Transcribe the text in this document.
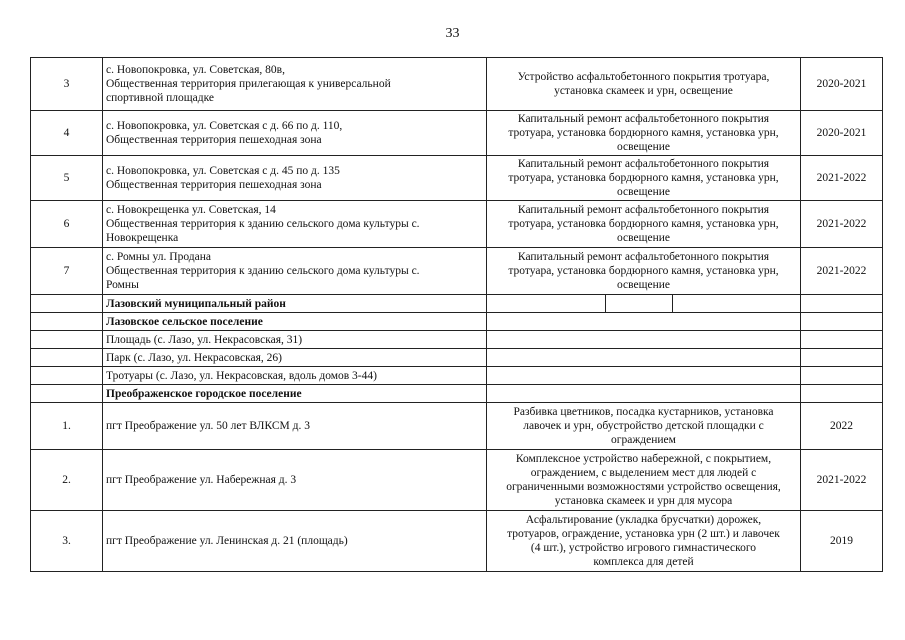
33
3	с. Новопокровка, ул. Советская, 80в,
Общественная территория прилегающая к универсальной
спортивной площадке	Устройство асфальтобетонного покрытия тротуара,
установка скамеек и урн, освещение	2020-2021
4	с. Новопокровка, ул. Советская с д. 66 по д. 110,
Общественная территория пешеходная зона	Капитальный ремонт асфальтобетонного покрытия
тротуара, установка бордюрного камня, установка урн,
освещение	2020-2021
5	с. Новопокровка, ул. Советская с д. 45 по д. 135
Общественная территория пешеходная зона	Капитальный ремонт асфальтобетонного покрытия
тротуара, установка бордюрного камня, установка урн,
освещение	2021-2022
6	с. Новокрещенка ул. Советская, 14
Общественная территория к зданию сельского дома культуры с.
Новокрещенка	Капитальный ремонт асфальтобетонного покрытия
тротуара, установка бордюрного камня, установка урн,
освещение	2021-2022
7	с. Ромны ул. Продана
Общественная территория к зданию сельского дома культуры с.
Ромны	Капитальный ремонт асфальтобетонного покрытия
тротуара, установка бордюрного камня, установка урн,
освещение	2021-2022
	Лазовский муниципальный район	

	Лазовское сельское поселение		
	Площадь (с. Лазо, ул. Некрасовская, 31)		
	Парк (с. Лазо, ул. Некрасовская, 26)		
	Тротуары (с. Лазо, ул. Некрасовская, вдоль домов 3-44)		
	Преображенское городское поселение		
1.	пгт Преображение ул. 50 лет ВЛКСМ д. 3	Разбивка цветников, посадка кустарников, установка
лавочек и урн, обустройство детской площадки с
ограждением	2022
2.	пгт Преображение ул. Набережная д. 3	Комплексное устройство набережной, с покрытием,
ограждением, с выделением мест для людей с
ограниченными возможностями устройство освещения,
установка скамеек и урн для мусора	2021-2022
3.	пгт Преображение ул. Ленинская д. 21 (площадь)	Асфальтирование (укладка брусчатки) дорожек,
тротуаров, ограждение, установка урн (2 шт.) и лавочек
(4 шт.), устройство игрового гимнастического
комплекса для детей	2019
